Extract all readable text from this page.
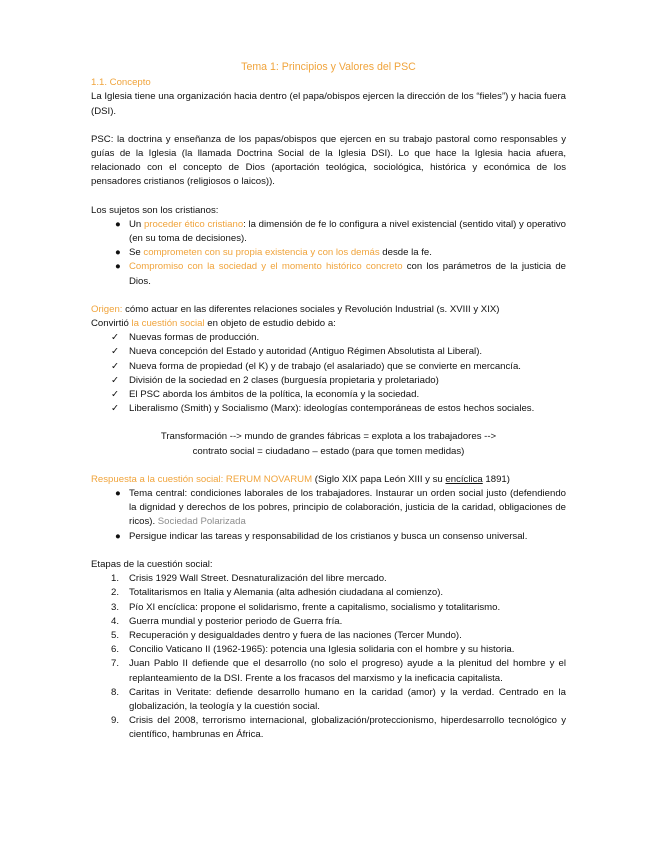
Tema 1: Principios y Valores del PSC

1.1. Concepto

La Iglesia tiene una organización hacia dentro (el papa/obispos ejercen la dirección de los “fieles”) y hacia fuera (DSI).

PSC: la doctrina y enseñanza de los papas/obispos que ejercen en su trabajo pastoral como responsables y guías de la Iglesia (la llamada Doctrina Social de la Iglesia DSI). Lo que hace la Iglesia hacia afuera, relacionado con el concepto de Dios (aportación teológica, sociológica, histórica y económica de los pensadores cristianos (religiosos o laicos)).

Los sujetos son los cristianos:

● Un proceder ético cristiano: la dimensión de fe lo configura a nivel existencial (sentido vital) y operativo (en su toma de decisiones).
● Se comprometen con su propia existencia y con los demás desde la fe.
● Compromiso con la sociedad y el momento histórico concreto con los parámetros de la justicia de Dios.

Origen: cómo actuar en las diferentes relaciones sociales y Revolución Industrial (s. XVIII y XIX)

Convirtió la cuestión social en objeto de estudio debido a:

✓ Nuevas formas de producción.
✓ Nueva concepción del Estado y autoridad (Antiguo Régimen Absolutista al Liberal).
✓ Nueva forma de propiedad (el K) y de trabajo (el asalariado) que se convierte en mercancía.
✓ División de la sociedad en 2 clases (burguesía propietaria y proletariado)
✓ El PSC aborda los ámbitos de la política, la economía y la sociedad.
✓ Liberalismo (Smith) y Socialismo (Marx): ideologías contemporáneas de estos hechos sociales.

Transformación --> mundo de grandes fábricas = explota a los trabajadores -->

contrato social = ciudadano – estado (para que tomen medidas)

Respuesta a la cuestión social: RERUM NOVARUM (Siglo XIX papa León XIII y su encíclica 1891)

● Tema central: condiciones laborales de los trabajadores. Instaurar un orden social justo (defendiendo la dignidad y derechos de los pobres, principio de colaboración, justicia de la caridad, obligaciones de ricos). Sociedad Polarizada
● Persigue indicar las tareas y responsabilidad de los cristianos y busca un consenso universal.

Etapas de la cuestión social:

1. Crisis 1929 Wall Street. Desnaturalización del libre mercado.
2. Totalitarismos en Italia y Alemania (alta adhesión ciudadana al comienzo).
3. Pío XI encíclica: propone el solidarismo, frente a capitalismo, socialismo y totalitarismo.
4. Guerra mundial y posterior periodo de Guerra fría.
5. Recuperación y desigualdades dentro y fuera de las naciones (Tercer Mundo).
6. Concilio Vaticano II (1962-1965): potencia una Iglesia solidaria con el hombre y su historia.
7. Juan Pablo II defiende que el desarrollo (no solo el progreso) ayude a la plenitud del hombre y el replanteamiento de la DSI. Frente a los fracasos del marxismo y la ineficacia capitalista.
8. Caritas in Veritate: defiende desarrollo humano en la caridad (amor) y la verdad. Centrado en la globalización, la teología y la cuestión social.
9. Crisis del 2008, terrorismo internacional, globalización/proteccionismo, hiperdesarrollo tecnológico y científico, hambrunas en África.
